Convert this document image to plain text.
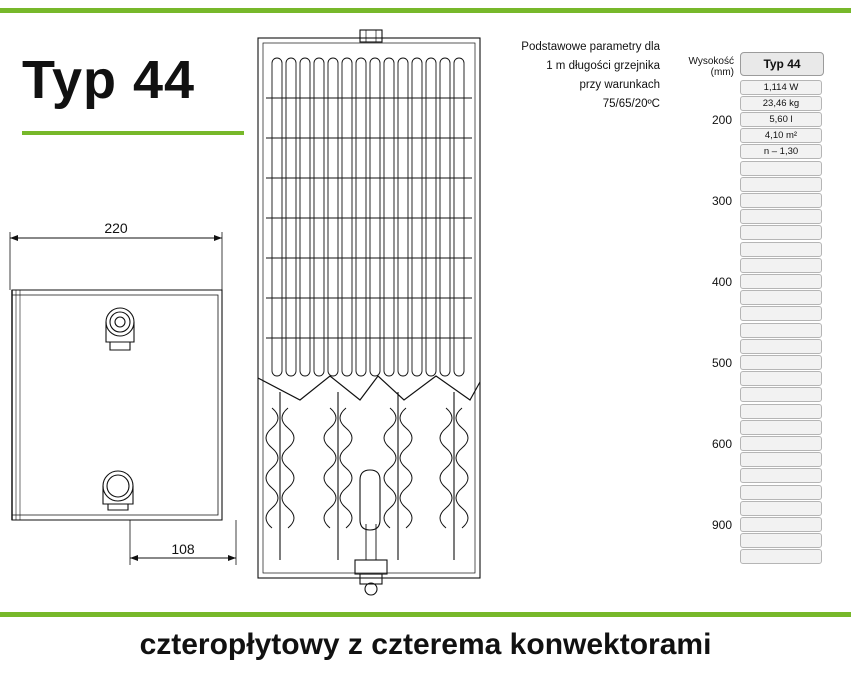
Typ 44
Podstawowe parametry dla
1 m długości grzejnika
przy warunkach
75/65/20ºC
220
108
Wysokość (mm)
Typ 44
200
1,114 W
23,46 kg
5,60 l
4,10 m²
n – 1,30
300
400
500
600
900
czteropłytowy z czterema konwektorami
